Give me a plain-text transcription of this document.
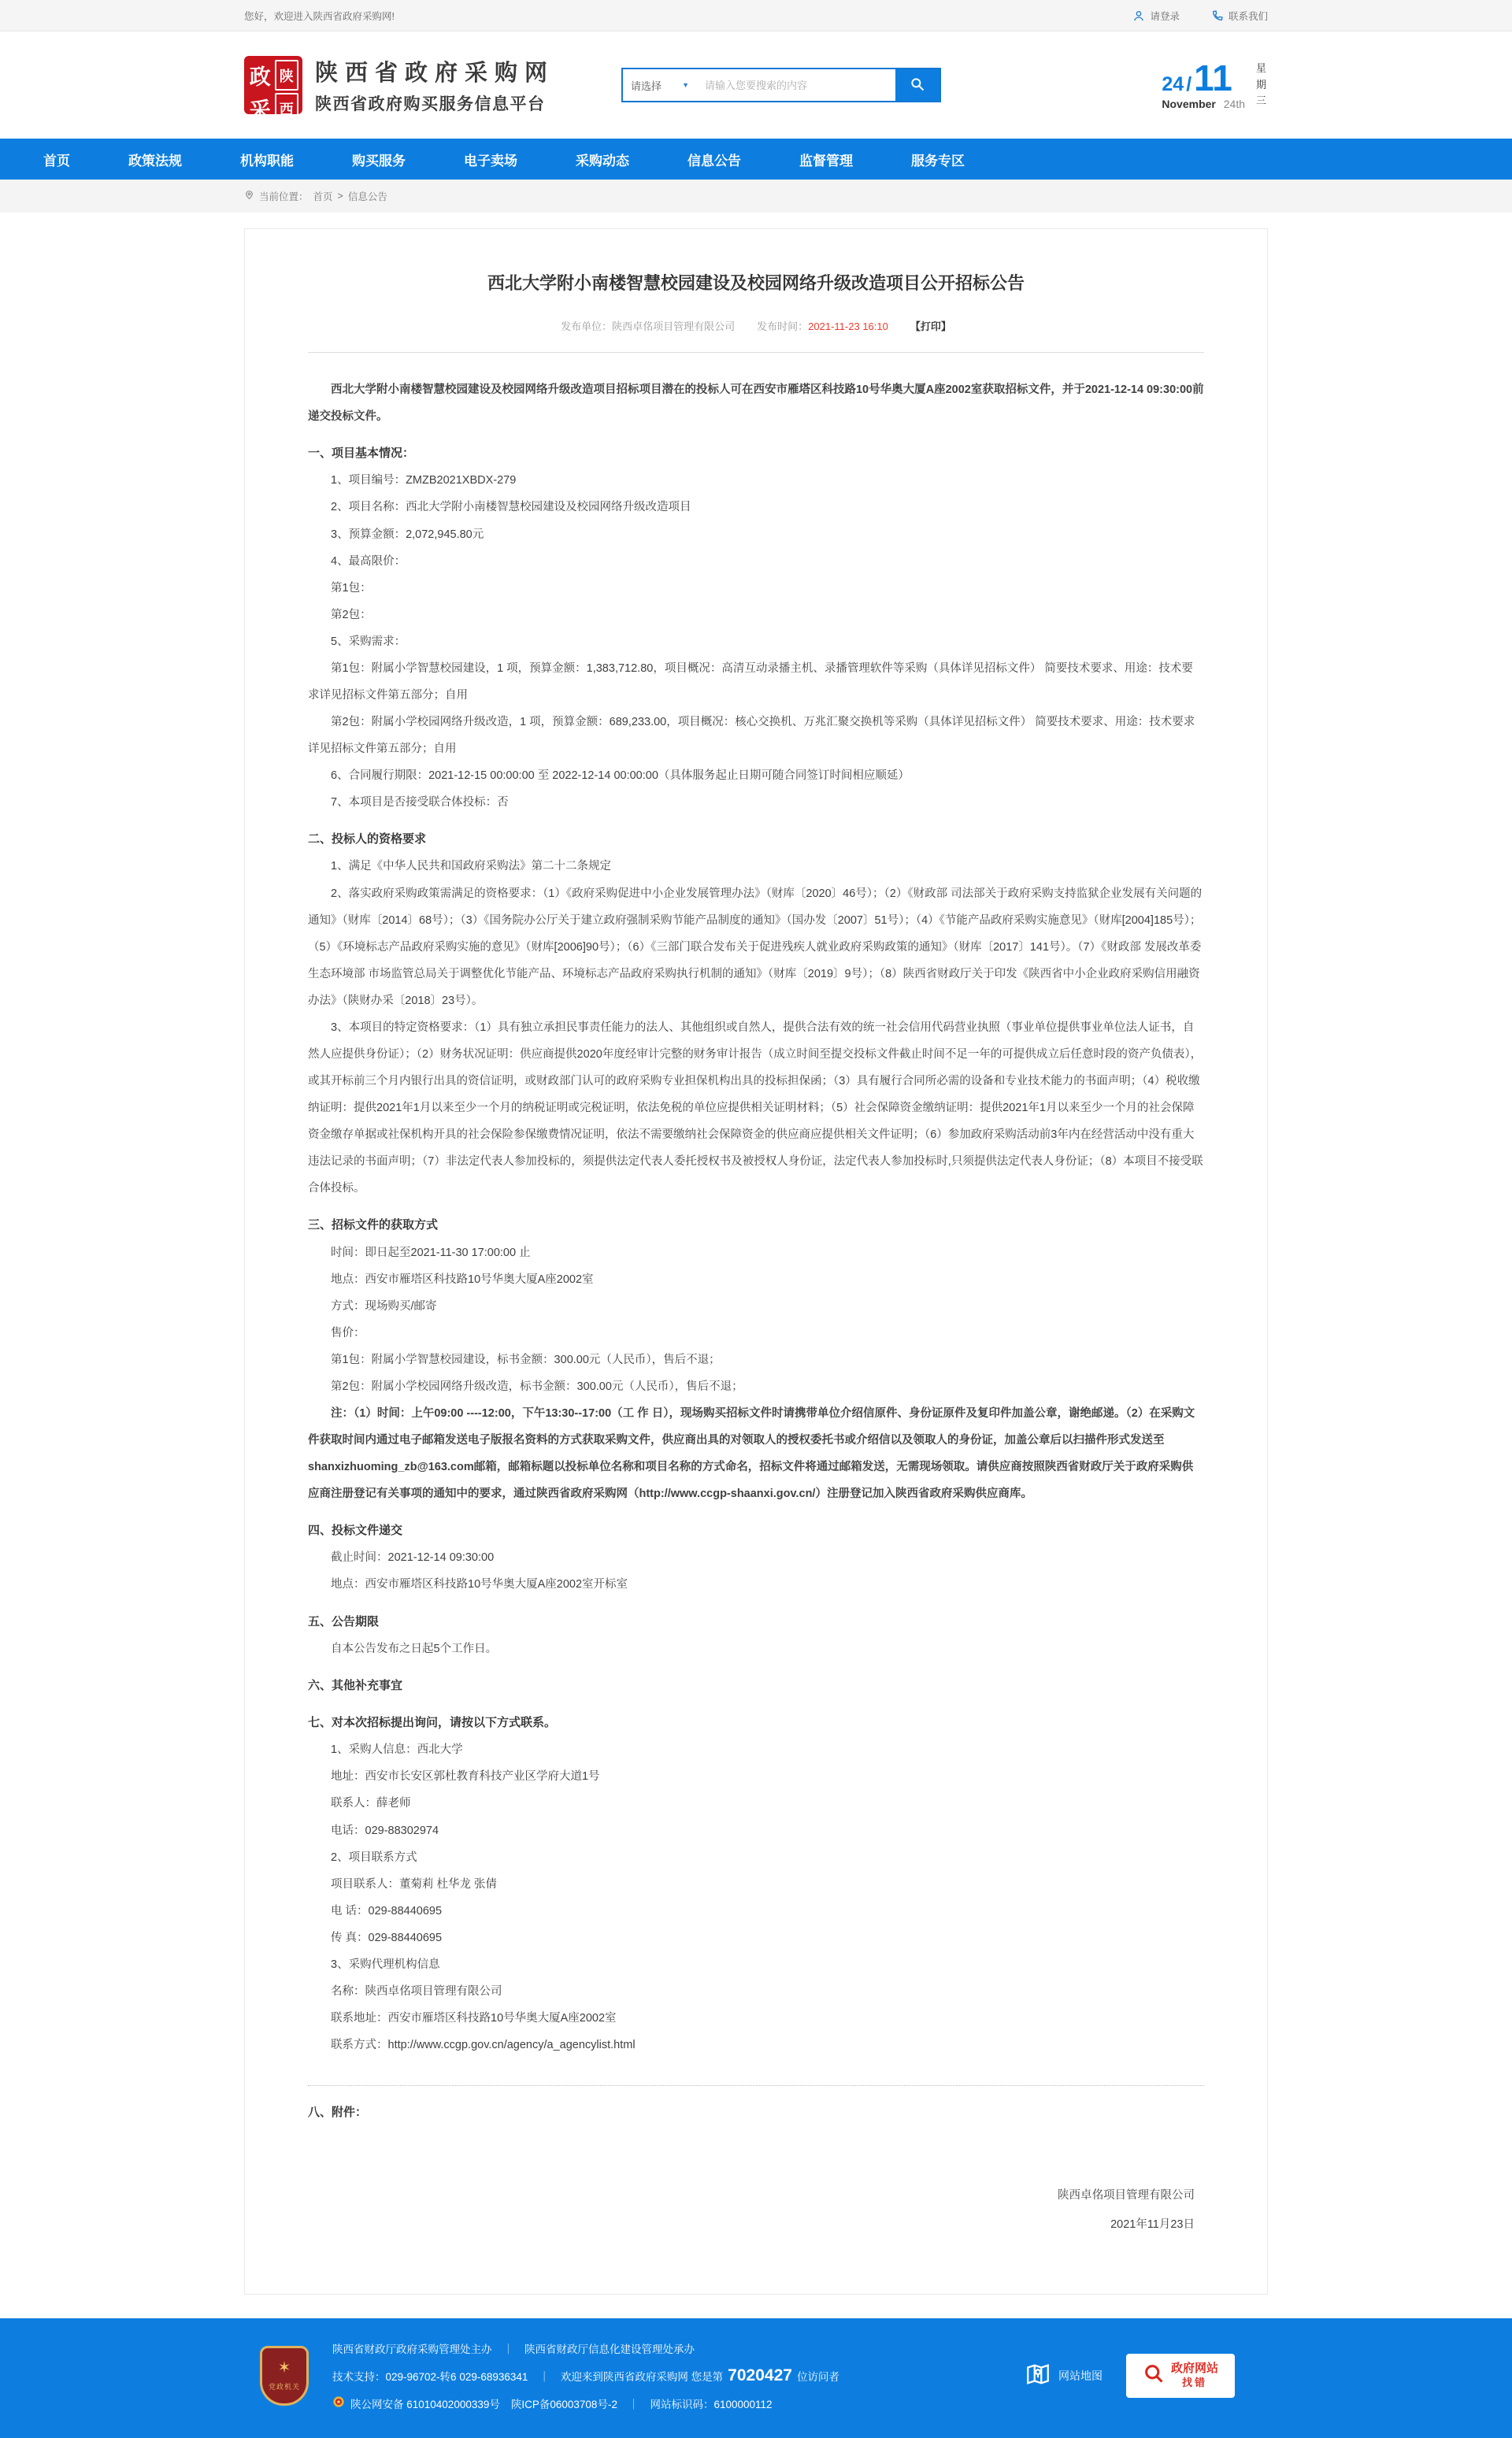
您好，欢迎进入陕西省政府采购网!	请登录	联系我们
政 陕
采 西
陕西省政府采购网
陕西省政府购买服务信息平台
请选择	▼
请输入您要搜索的内容	24 / 11
November 24th
星期三
首页	政策法规	机构职能	购买服务	电子卖场	采购动态	信息公告	监督管理	服务专区
当前位置： 首页 > 信息公告
西北大学附小南楼智慧校园建设及校园网络升级改造项目公开招标公告
发布单位：陕西卓佲项目管理有限公司 发布时间：2021-11-23 16:10 【打印】

西北大学附小南楼智慧校园建设及校园网络升级改造项目招标项目潜在的投标人可在西安市雁塔区科技路10号华奥大厦A座2002室获取招标文件，并于2021-12-14 09:30:00前递交投标文件。

一、项目基本情况：

1、项目编号：ZMZB2021XBDX-279

2、项目名称：西北大学附小南楼智慧校园建设及校园网络升级改造项目

3、预算金额：2,072,945.80元

4、最高限价：

第1包：

第2包：

5、采购需求：

第1包：附属小学智慧校园建设，1 项，预算金额：1,383,712.80，项目概况：高清互动录播主机、录播管理软件等采购（具体详见招标文件） 简要技术要求、用途：技术要求详见招标文件第五部分；自用

第2包：附属小学校园网络升级改造，1 项，预算金额：689,233.00，项目概况：核心交换机、万兆汇聚交换机等采购（具体详见招标文件） 简要技术要求、用途：技术要求详见招标文件第五部分；自用

6、合同履行期限：2021-12-15 00:00:00 至 2022-12-14 00:00:00（具体服务起止日期可随合同签订时间相应顺延）

7、本项目是否接受联合体投标：否

二、投标人的资格要求

1、满足《中华人民共和国政府采购法》第二十二条规定

2、落实政府采购政策需满足的资格要求：（1）《政府采购促进中小企业发展管理办法》（财库〔2020〕46号）；（2）《财政部 司法部关于政府采购支持监狱企业发展有关问题的通知》（财库〔2014〕68号）；（3）《国务院办公厅关于建立政府强制采购节能产品制度的通知》（国办发〔2007〕51号）；（4）《节能产品政府采购实施意见》（财库[2004]185号）；（5）《环境标志产品政府采购实施的意见》（财库[2006]90号）；（6）《三部门联合发布关于促进残疾人就业政府采购政策的通知》（财库〔2017〕141号）。（7）《财政部 发展改革委 生态环境部 市场监管总局关于调整优化节能产品、环境标志产品政府采购执行机制的通知》（财库〔2019〕9号）；（8）陕西省财政厅关于印发《陕西省中小企业政府采购信用融资办法》（陕财办采〔2018〕23号）。

3、本项目的特定资格要求：（1）具有独立承担民事责任能力的法人、其他组织或自然人，提供合法有效的统一社会信用代码营业执照（事业单位提供事业单位法人证书，自然人应提供身份证）；（2）财务状况证明：供应商提供2020年度经审计完整的财务审计报告（成立时间至提交投标文件截止时间不足一年的可提供成立后任意时段的资产负债表），或其开标前三个月内银行出具的资信证明，或财政部门认可的政府采购专业担保机构出具的投标担保函；（3）具有履行合同所必需的设备和专业技术能力的书面声明；（4）税收缴纳证明：提供2021年1月以来至少一个月的纳税证明或完税证明，依法免税的单位应提供相关证明材料；（5）社会保障资金缴纳证明：提供2021年1月以来至少一个月的社会保障资金缴存单据或社保机构开具的社会保险参保缴费情况证明，依法不需要缴纳社会保障资金的供应商应提供相关文件证明；（6）参加政府采购活动前3年内在经营活动中没有重大违法记录的书面声明；（7）非法定代表人参加投标的，须提供法定代表人委托授权书及被授权人身份证，法定代表人参加投标时,只须提供法定代表人身份证；（8）本项目不接受联合体投标。

三、招标文件的获取方式

时间：即日起至2021-11-30 17:00:00 止

地点：西安市雁塔区科技路10号华奥大厦A座2002室

方式：现场购买/邮寄

售价：

第1包：附属小学智慧校园建设，标书金额：300.00元（人民币），售后不退；

第2包：附属小学校园网络升级改造，标书金额：300.00元（人民币），售后不退；

注：（1）时间：上午09:00 ----12:00，下午13:30--17:00（工 作 日），现场购买招标文件时请携带单位介绍信原件、身份证原件及复印件加盖公章，谢绝邮递。（2）在采购文件获取时间内通过电子邮箱发送电子版报名资料的方式获取采购文件，供应商出具的对领取人的授权委托书或介绍信以及领取人的身份证，加盖公章后以扫描件形式发送至shanxizhuoming_zb@163.com邮箱，邮箱标题以投标单位名称和项目名称的方式命名，招标文件将通过邮箱发送，无需现场领取。请供应商按照陕西省财政厅关于政府采购供应商注册登记有关事项的通知中的要求，通过陕西省政府采购网（http://www.ccgp-shaanxi.gov.cn/）注册登记加入陕西省政府采购供应商库。

四、投标文件递交

截止时间：2021-12-14 09:30:00

地点：西安市雁塔区科技路10号华奥大厦A座2002室开标室

五、公告期限

自本公告发布之日起5个工作日。

六、其他补充事宜

七、对本次招标提出询问，请按以下方式联系。

1、采购人信息：西北大学

地址：西安市长安区郭杜教育科技产业区学府大道1号

联系人：薛老师

电话：029-88302974

2、项目联系方式

项目联系人：董菊莉 杜华龙 张倩

电 话：029-88440695

传 真：029-88440695

3、采购代理机构信息

名称：陕西卓佲项目管理有限公司

联系地址：西安市雁塔区科技路10号华奥大厦A座2002室

联系方式：http://www.ccgp.gov.cn/agency/a_agencylist.html

八、附件：

陕西卓佲项目管理有限公司

2021年11月23日

✶
党政机关
陕西省财政厅政府采购管理处主办 ｜ 陕西省财政厅信息化建设管理处承办
技术支持：029-96702-转6 029-68936341 ｜ 欢迎来到陕西省政府采购网 您是第 7020427 位访问者
陕公网安备 61010402000339号 陕ICP备06003708号-2 ｜ 网站标识码：6100000112
网站地图
政府网站
找错
